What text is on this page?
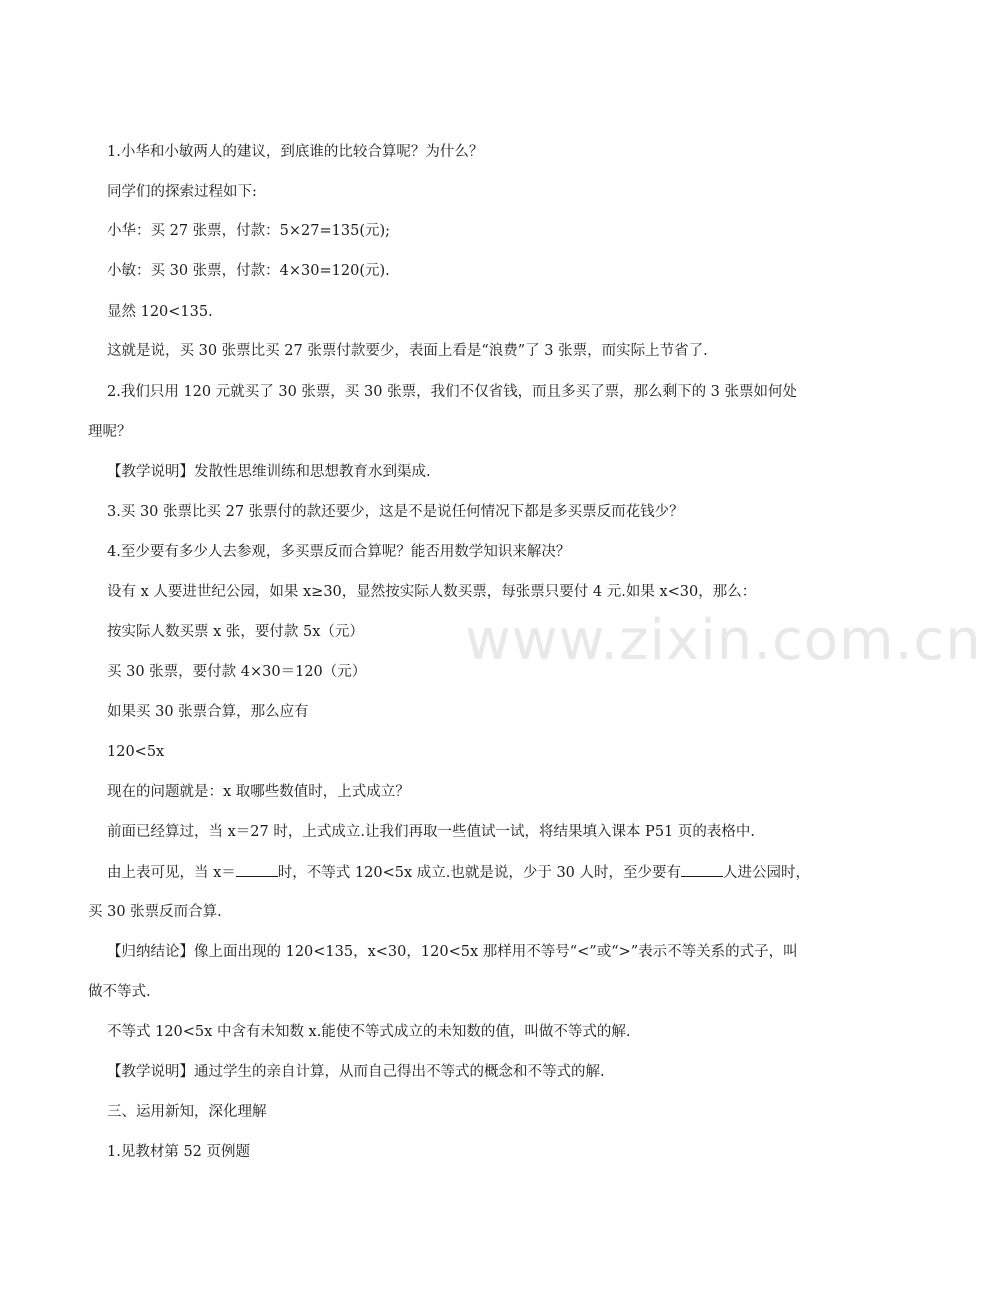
1.小华和小敏两人的建议，到底谁的比较合算呢？为什么？

同学们的探索过程如下:

小华：买 27 张票，付款：5×27=135(元);

小敏：买 30 张票，付款：4×30=120(元).

显然 120<135.

这就是说，买 30 张票比买 27 张票付款要少，表面上看是“浪费”了 3 张票，而实际上节省了.

2.我们只用 120 元就买了 30 张票，买 30 张票，我们不仅省钱，而且多买了票，那么剩下的 3 张票如何处

理呢？

【教学说明】发散性思维训练和思想教育水到渠成.

3.买 30 张票比买 27 张票付的款还要少，这是不是说任何情况下都是多买票反而花钱少？

4.至少要有多少人去参观，多买票反而合算呢？能否用数学知识来解决？

设有 x 人要进世纪公园，如果 x≥30，显然按实际人数买票，每张票只要付 4 元.如果 x<30，那么：

按实际人数买票 x 张，要付款 5x（元）

买 30 张票，要付款 4×30＝120（元）

如果买 30 张票合算，那么应有

120<5x

现在的问题就是：x 取哪些数值时，上式成立？

前面已经算过，当 x＝27 时，上式成立.让我们再取一些值试一试，将结果填入课本 P51 页的表格中.

由上表可见，当 x＝	时，不等式 120<5x 成立.也就是说，少于 30 人时，至少要有	人进公园时，

买 30 张票反而合算.

【归纳结论】像上面出现的 120<135，x<30，120<5x 那样用不等号“<”或“>”表示不等关系的式子，叫

做不等式.

不等式 120<5x 中含有未知数 x.能使不等式成立的未知数的值，叫做不等式的解.

【教学说明】通过学生的亲自计算，从而自己得出不等式的概念和不等式的解.

三、运用新知，深化理解

1.见教材第 52 页例题

www.zixin.com.cn
